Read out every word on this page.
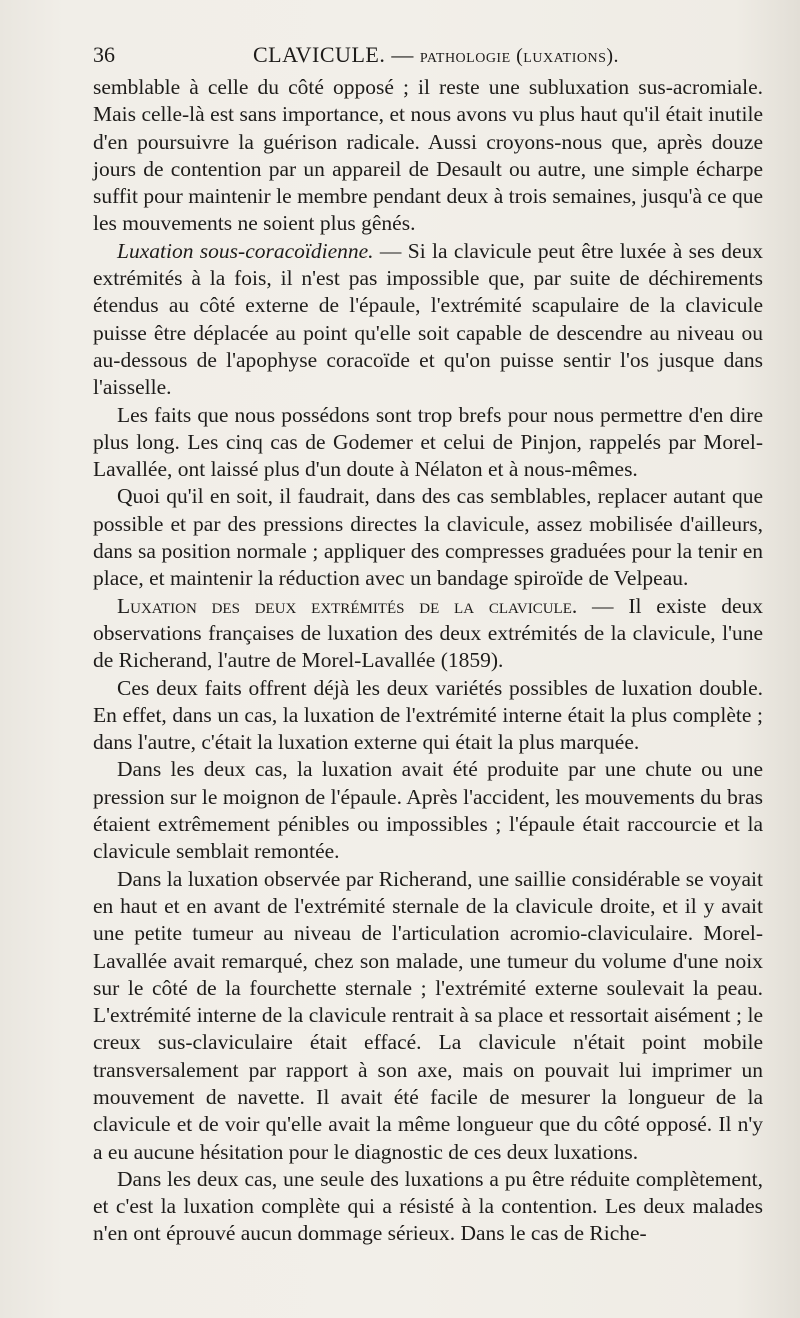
36	CLAVICULE. — pathologie (luxations).

semblable à celle du côté opposé ; il reste une subluxation sus-acromiale. Mais celle-là est sans importance, et nous avons vu plus haut qu'il était inutile d'en poursuivre la guérison radicale. Aussi croyons-nous que, après douze jours de contention par un appareil de Desault ou autre, une simple écharpe suffit pour maintenir le membre pendant deux à trois semaines, jusqu'à ce que les mouvements ne soient plus gênés.

Luxation sous-coracoïdienne. — Si la clavicule peut être luxée à ses deux extrémités à la fois, il n'est pas impossible que, par suite de déchirements étendus au côté externe de l'épaule, l'extrémité scapulaire de la clavicule puisse être déplacée au point qu'elle soit capable de descendre au niveau ou au-dessous de l'apophyse coracoïde et qu'on puisse sentir l'os jusque dans l'aisselle.

Les faits que nous possédons sont trop brefs pour nous permettre d'en dire plus long. Les cinq cas de Godemer et celui de Pinjon, rappelés par Morel-Lavallée, ont laissé plus d'un doute à Nélaton et à nous-mêmes.

Quoi qu'il en soit, il faudrait, dans des cas semblables, replacer autant que possible et par des pressions directes la clavicule, assez mobilisée d'ailleurs, dans sa position normale ; appliquer des compresses graduées pour la tenir en place, et maintenir la réduction avec un bandage spiroïde de Velpeau.

Luxation des deux extrémités de la clavicule. — Il existe deux observations françaises de luxation des deux extrémités de la clavicule, l'une de Richerand, l'autre de Morel-Lavallée (1859).

Ces deux faits offrent déjà les deux variétés possibles de luxation double. En effet, dans un cas, la luxation de l'extrémité interne était la plus complète ; dans l'autre, c'était la luxation externe qui était la plus marquée.

Dans les deux cas, la luxation avait été produite par une chute ou une pression sur le moignon de l'épaule. Après l'accident, les mouvements du bras étaient extrêmement pénibles ou impossibles ; l'épaule était raccourcie et la clavicule semblait remontée.

Dans la luxation observée par Richerand, une saillie considérable se voyait en haut et en avant de l'extrémité sternale de la clavicule droite, et il y avait une petite tumeur au niveau de l'articulation acromio-claviculaire. Morel-Lavallée avait remarqué, chez son malade, une tumeur du volume d'une noix sur le côté de la fourchette sternale ; l'extrémité externe soulevait la peau. L'extrémité interne de la clavicule rentrait à sa place et ressortait aisément ; le creux sus-claviculaire était effacé. La clavicule n'était point mobile transversalement par rapport à son axe, mais on pouvait lui imprimer un mouvement de navette. Il avait été facile de mesurer la longueur de la clavicule et de voir qu'elle avait la même longueur que du côté opposé. Il n'y a eu aucune hésitation pour le diagnostic de ces deux luxations.

Dans les deux cas, une seule des luxations a pu être réduite complètement, et c'est la luxation complète qui a résisté à la contention. Les deux malades n'en ont éprouvé aucun dommage sérieux. Dans le cas de Riche-
